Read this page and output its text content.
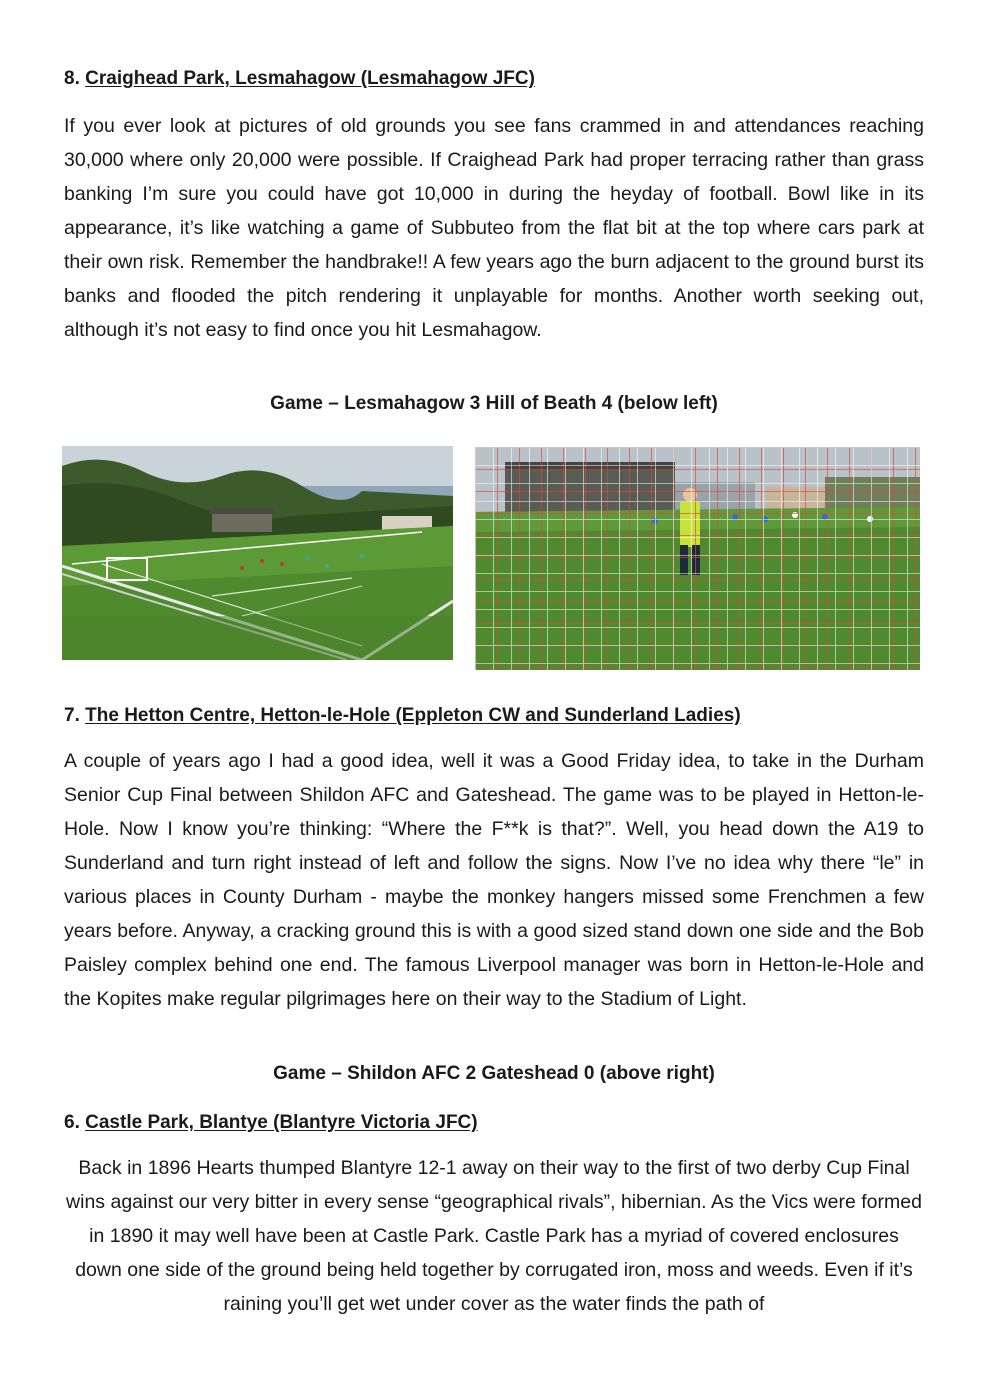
8. Craighead Park, Lesmahagow (Lesmahagow JFC)

If you ever look at pictures of old grounds you see fans crammed in and attendances reaching 30,000 where only 20,000 were possible. If Craighead Park had proper terracing rather than grass banking I’m sure you could have got 10,000 in during the heyday of football. Bowl like in its appearance, it’s like watching a game of Subbuteo from the flat bit at the top where cars park at their own risk. Remember the handbrake!! A few years ago the burn adjacent to the ground burst its banks and flooded the pitch rendering it unplayable for months. Another worth seeking out, although it’s not easy to find once you hit Lesmahagow.

Game – Lesmahagow 3 Hill of Beath 4 (below left)

7. The Hetton Centre, Hetton-le-Hole (Eppleton CW and Sunderland Ladies)

A couple of years ago I had a good idea, well it was a Good Friday idea, to take in the Durham Senior Cup Final between Shildon AFC and Gateshead. The game was to be played in Hetton-le-Hole. Now I know you’re thinking: “Where the F**k is that?”. Well, you head down the A19 to Sunderland and turn right instead of left and follow the signs. Now I’ve no idea why there “le” in various places in County Durham - maybe the monkey hangers missed some Frenchmen a few years before. Anyway, a cracking ground this is with a good sized stand down one side and the Bob Paisley complex behind one end. The famous Liverpool manager was born in Hetton-le-Hole and the Kopites make regular pilgrimages here on their way to the Stadium of Light.

Game – Shildon AFC 2 Gateshead 0 (above right)

6. Castle Park, Blantye (Blantyre Victoria JFC)

Back in 1896 Hearts thumped Blantyre 12-1 away on their way to the first of two derby Cup Final wins against our very bitter in every sense “geographical rivals”, hibernian. As the Vics were formed in 1890 it may well have been at Castle Park. Castle Park has a myriad of covered enclosures down one side of the ground being held together by corrugated iron, moss and weeds. Even if it’s raining you’ll get wet under cover as the water finds the path of
